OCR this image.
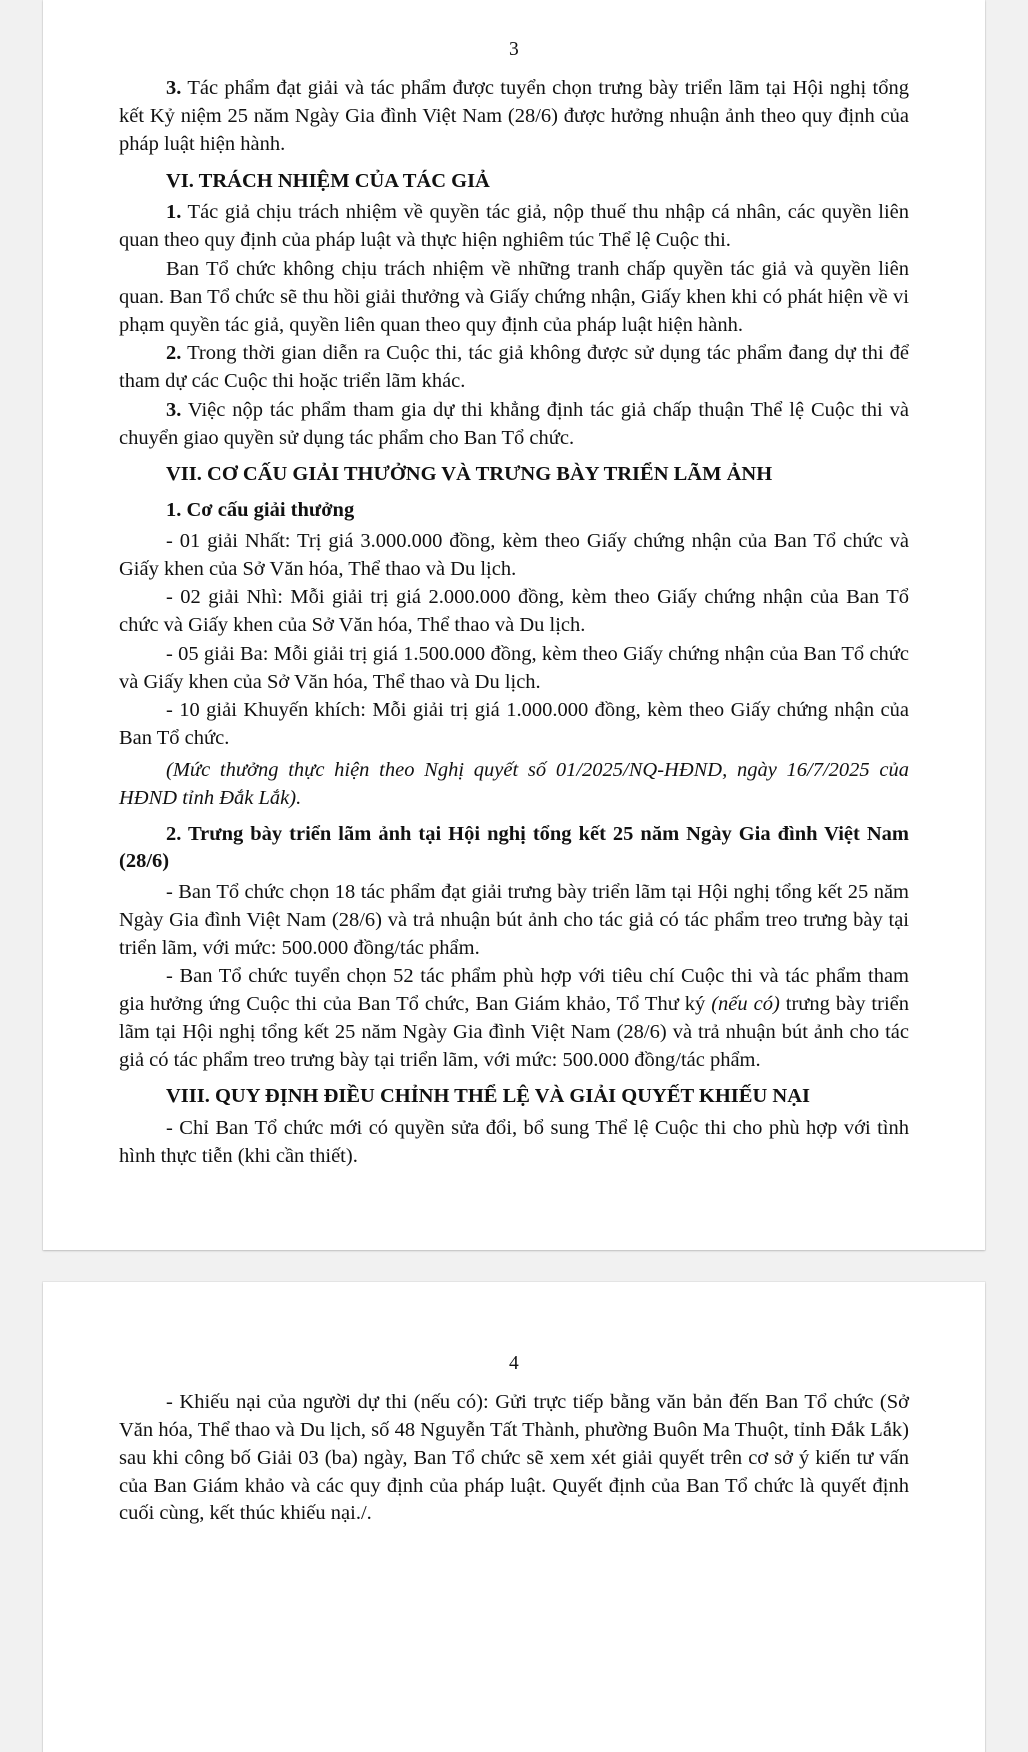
3

3. Tác phẩm đạt giải và tác phẩm được tuyển chọn trưng bày triển lãm tại Hội nghị tổng kết Kỷ niệm 25 năm Ngày Gia đình Việt Nam (28/6) được hưởng nhuận ảnh theo quy định của pháp luật hiện hành.

VI. TRÁCH NHIỆM CỦA TÁC GIẢ

1. Tác giả chịu trách nhiệm về quyền tác giả, nộp thuế thu nhập cá nhân, các quyền liên quan theo quy định của pháp luật và thực hiện nghiêm túc Thể lệ Cuộc thi.

Ban Tổ chức không chịu trách nhiệm về những tranh chấp quyền tác giả và quyền liên quan. Ban Tổ chức sẽ thu hồi giải thưởng và Giấy chứng nhận, Giấy khen khi có phát hiện về vi phạm quyền tác giả, quyền liên quan theo quy định của pháp luật hiện hành.

2. Trong thời gian diễn ra Cuộc thi, tác giả không được sử dụng tác phẩm đang dự thi để tham dự các Cuộc thi hoặc triển lãm khác.

3. Việc nộp tác phẩm tham gia dự thi khẳng định tác giả chấp thuận Thể lệ Cuộc thi và chuyển giao quyền sử dụng tác phẩm cho Ban Tổ chức.

VII. CƠ CẤU GIẢI THƯỞNG VÀ TRƯNG BÀY TRIỂN LÃM ẢNH

1. Cơ cấu giải thưởng

- 01 giải Nhất: Trị giá 3.000.000 đồng, kèm theo Giấy chứng nhận của Ban Tổ chức và Giấy khen của Sở Văn hóa, Thể thao và Du lịch.

- 02 giải Nhì: Mỗi giải trị giá 2.000.000 đồng, kèm theo Giấy chứng nhận của Ban Tổ chức và Giấy khen của Sở Văn hóa, Thể thao và Du lịch.

- 05 giải Ba: Mỗi giải trị giá 1.500.000 đồng, kèm theo Giấy chứng nhận của Ban Tổ chức và Giấy khen của Sở Văn hóa, Thể thao và Du lịch.

- 10 giải Khuyến khích: Mỗi giải trị giá 1.000.000 đồng, kèm theo Giấy chứng nhận của Ban Tổ chức.

(Mức thưởng thực hiện theo Nghị quyết số 01/2025/NQ-HĐND, ngày 16/7/2025 của HĐND tỉnh Đắk Lắk).

2. Trưng bày triển lãm ảnh tại Hội nghị tổng kết 25 năm Ngày Gia đình Việt Nam (28/6)

- Ban Tổ chức chọn 18 tác phẩm đạt giải trưng bày triển lãm tại Hội nghị tổng kết 25 năm Ngày Gia đình Việt Nam (28/6) và trả nhuận bút ảnh cho tác giả có tác phẩm treo trưng bày tại triển lãm, với mức: 500.000 đồng/tác phẩm.

- Ban Tổ chức tuyển chọn 52 tác phẩm phù hợp với tiêu chí Cuộc thi và tác phẩm tham gia hưởng ứng Cuộc thi của Ban Tổ chức, Ban Giám khảo, Tổ Thư ký (nếu có) trưng bày triển lãm tại Hội nghị tổng kết 25 năm Ngày Gia đình Việt Nam (28/6) và trả nhuận bút ảnh cho tác giả có tác phẩm treo trưng bày tại triển lãm, với mức: 500.000 đồng/tác phẩm.

VIII. QUY ĐỊNH ĐIỀU CHỈNH THỂ LỆ VÀ GIẢI QUYẾT KHIẾU NẠI

- Chỉ Ban Tổ chức mới có quyền sửa đổi, bổ sung Thể lệ Cuộc thi cho phù hợp với tình hình thực tiễn (khi cần thiết).

4

- Khiếu nại của người dự thi (nếu có): Gửi trực tiếp bằng văn bản đến Ban Tổ chức (Sở Văn hóa, Thể thao và Du lịch, số 48 Nguyễn Tất Thành, phường Buôn Ma Thuột, tỉnh Đắk Lắk) sau khi công bố Giải 03 (ba) ngày, Ban Tổ chức sẽ xem xét giải quyết trên cơ sở ý kiến tư vấn của Ban Giám khảo và các quy định của pháp luật. Quyết định của Ban Tổ chức là quyết định cuối cùng, kết thúc khiếu nại./.
